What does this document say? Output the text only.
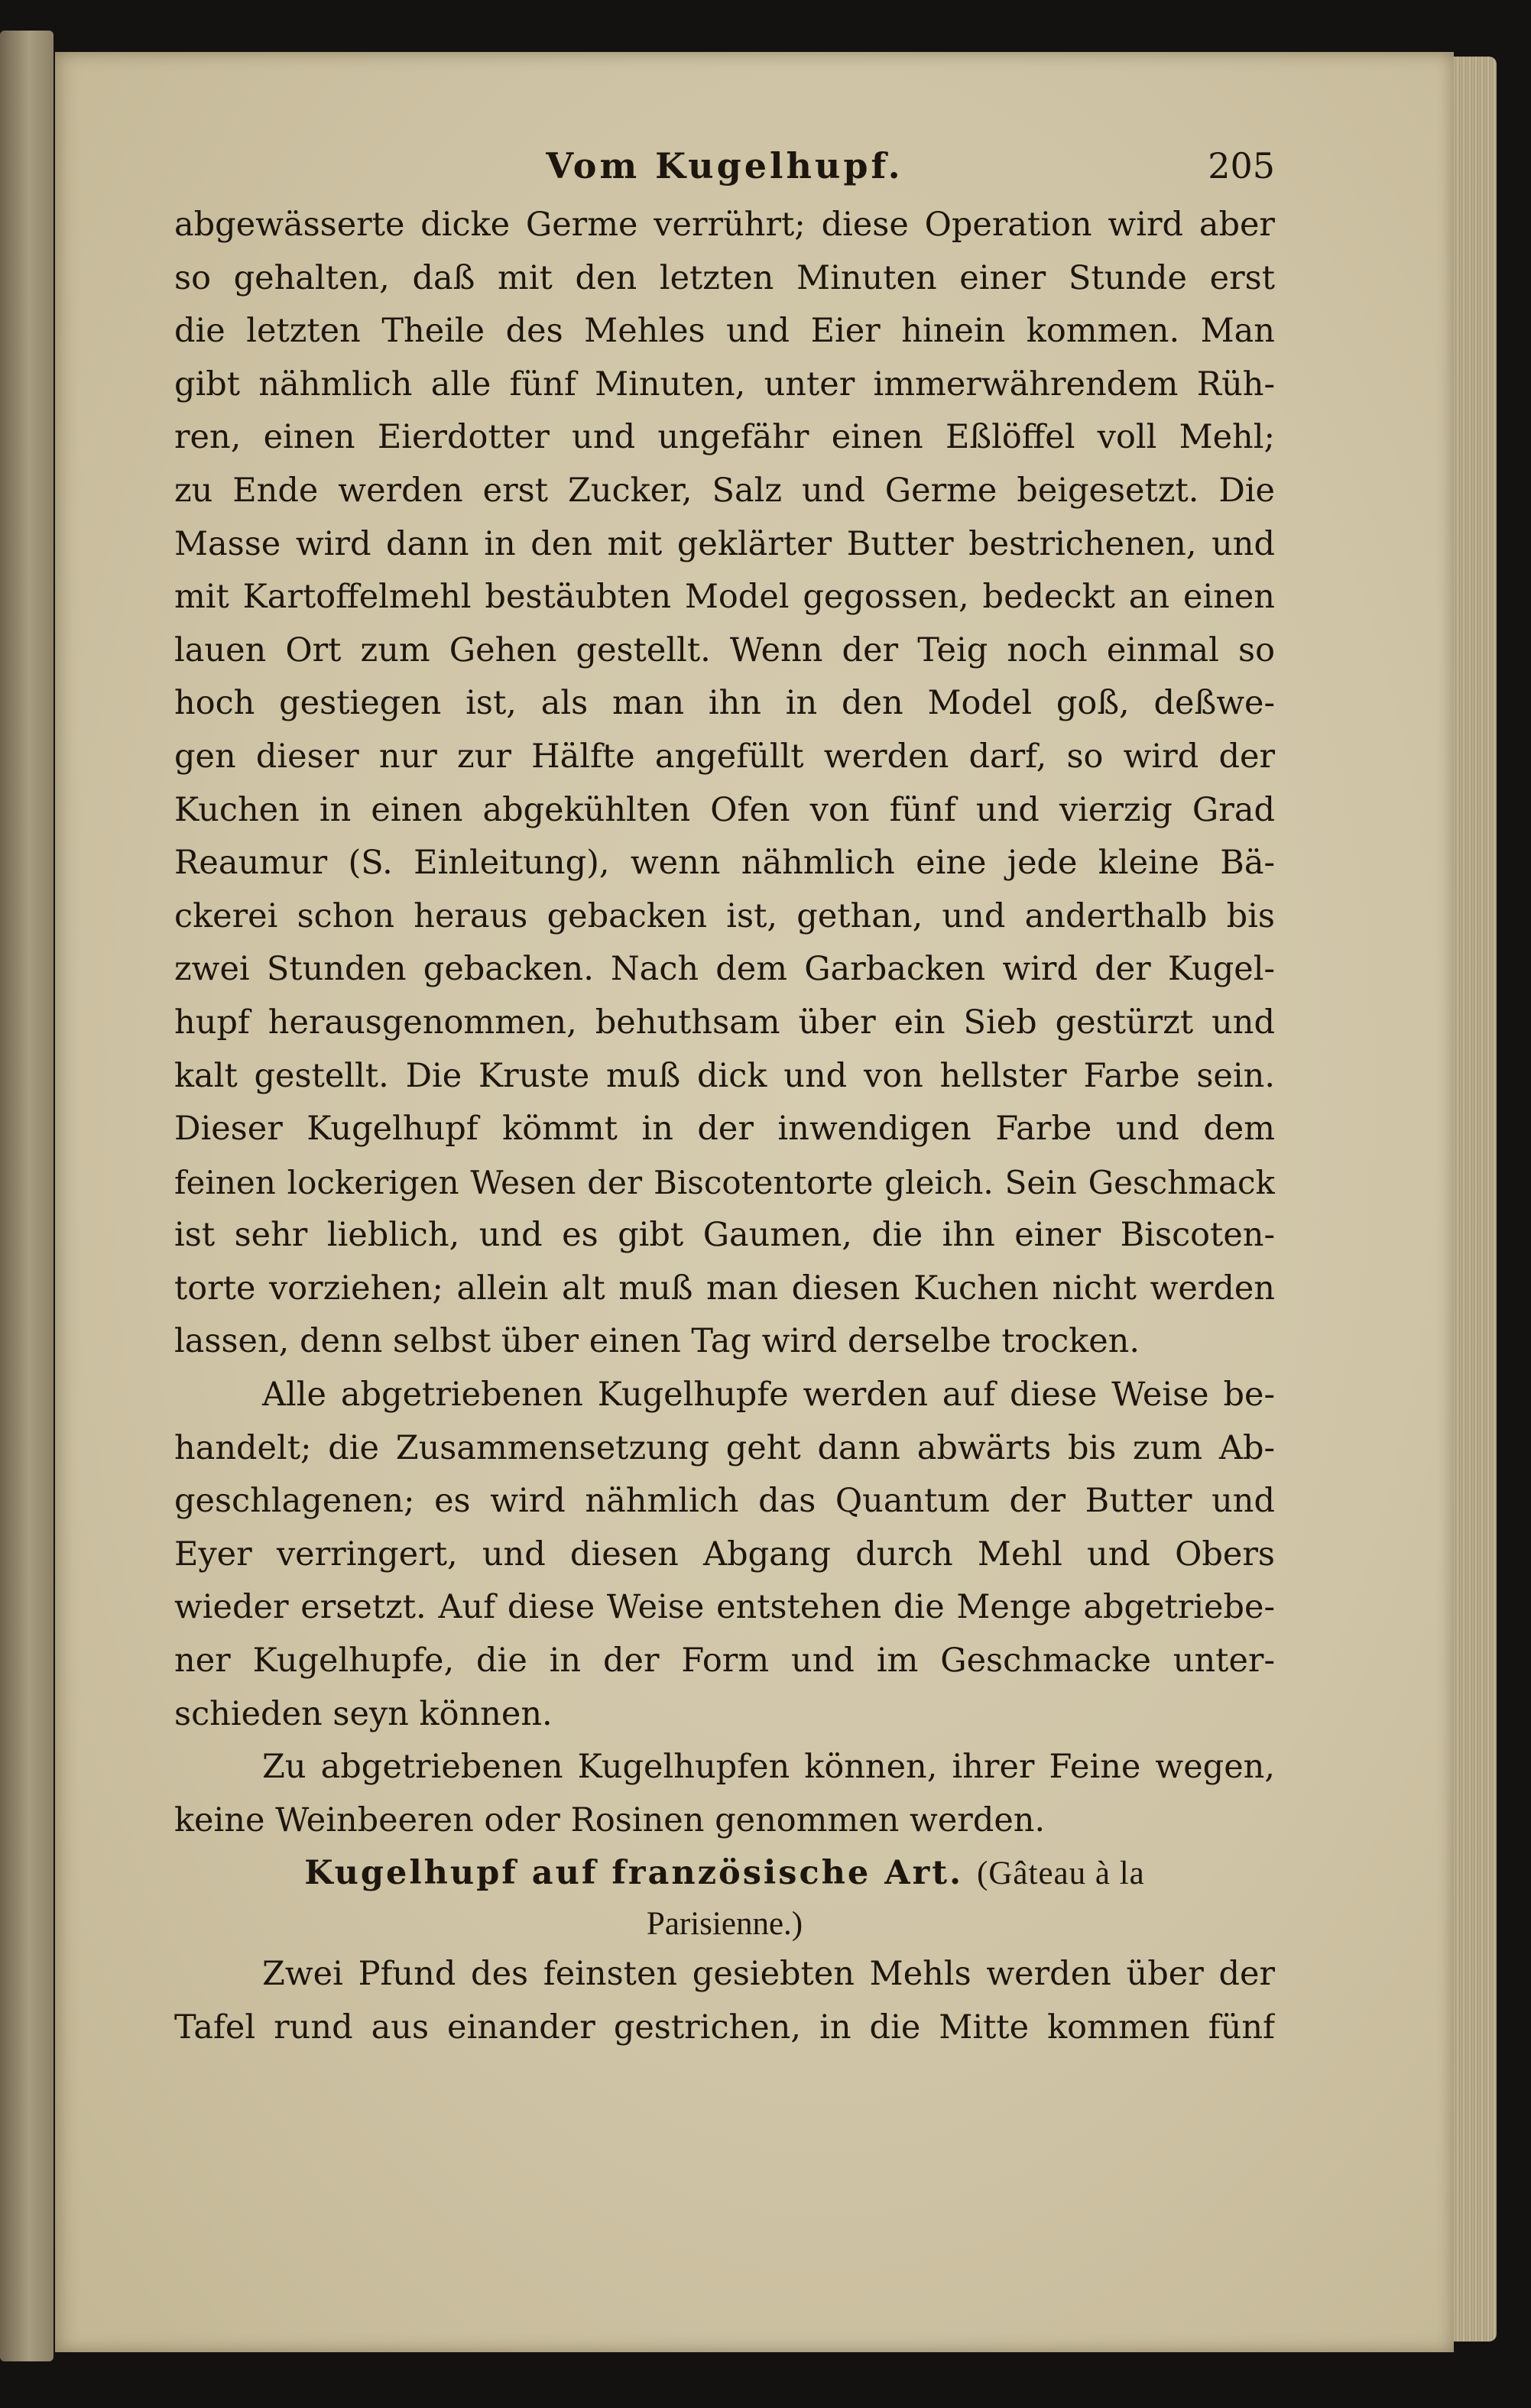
Vom Kugelhupf.	205
abgewässerte dicke Germe verrührt; diese Operation wird aber
so gehalten, daß mit den letzten Minuten einer Stunde erst
die letzten Theile des Mehles und Eier hinein kommen. Man
gibt nähmlich alle fünf Minuten, unter immerwährendem Rüh-
ren, einen Eierdotter und ungefähr einen Eßlöffel voll Mehl;
zu Ende werden erst Zucker, Salz und Germe beigesetzt. Die
Masse wird dann in den mit geklärter Butter bestrichenen, und
mit Kartoffelmehl bestäubten Model gegossen, bedeckt an einen
lauen Ort zum Gehen gestellt. Wenn der Teig noch einmal so
hoch gestiegen ist, als man ihn in den Model goß, deßwe-
gen dieser nur zur Hälfte angefüllt werden darf, so wird der
Kuchen in einen abgekühlten Ofen von fünf und vierzig Grad
Reaumur (S. Einleitung), wenn nähmlich eine jede kleine Bä-
ckerei schon heraus gebacken ist, gethan, und anderthalb bis
zwei Stunden gebacken. Nach dem Garbacken wird der Kugel-
hupf herausgenommen, behuthsam über ein Sieb gestürzt und
kalt gestellt. Die Kruste muß dick und von hellster Farbe sein.
Dieser Kugelhupf kömmt in der inwendigen Farbe und dem
feinen lockerigen Wesen der Biscotentorte gleich. Sein Geschmack
ist sehr lieblich, und es gibt Gaumen, die ihn einer Biscoten-
torte vorziehen; allein alt muß man diesen Kuchen nicht werden
lassen, denn selbst über einen Tag wird derselbe trocken.
Alle abgetriebenen Kugelhupfe werden auf diese Weise be-
handelt; die Zusammensetzung geht dann abwärts bis zum Ab-
geschlagenen; es wird nähmlich das Quantum der Butter und
Eyer verringert, und diesen Abgang durch Mehl und Obers
wieder ersetzt. Auf diese Weise entstehen die Menge abgetriebe-
ner Kugelhupfe, die in der Form und im Geschmacke unter-
schieden seyn können.
Zu abgetriebenen Kugelhupfen können, ihrer Feine wegen,
keine Weinbeeren oder Rosinen genommen werden.
Kugelhupf auf französische Art. (Gâteau à la
Parisienne.)
Zwei Pfund des feinsten gesiebten Mehls werden über der
Tafel rund aus einander gestrichen, in die Mitte kommen fünf
